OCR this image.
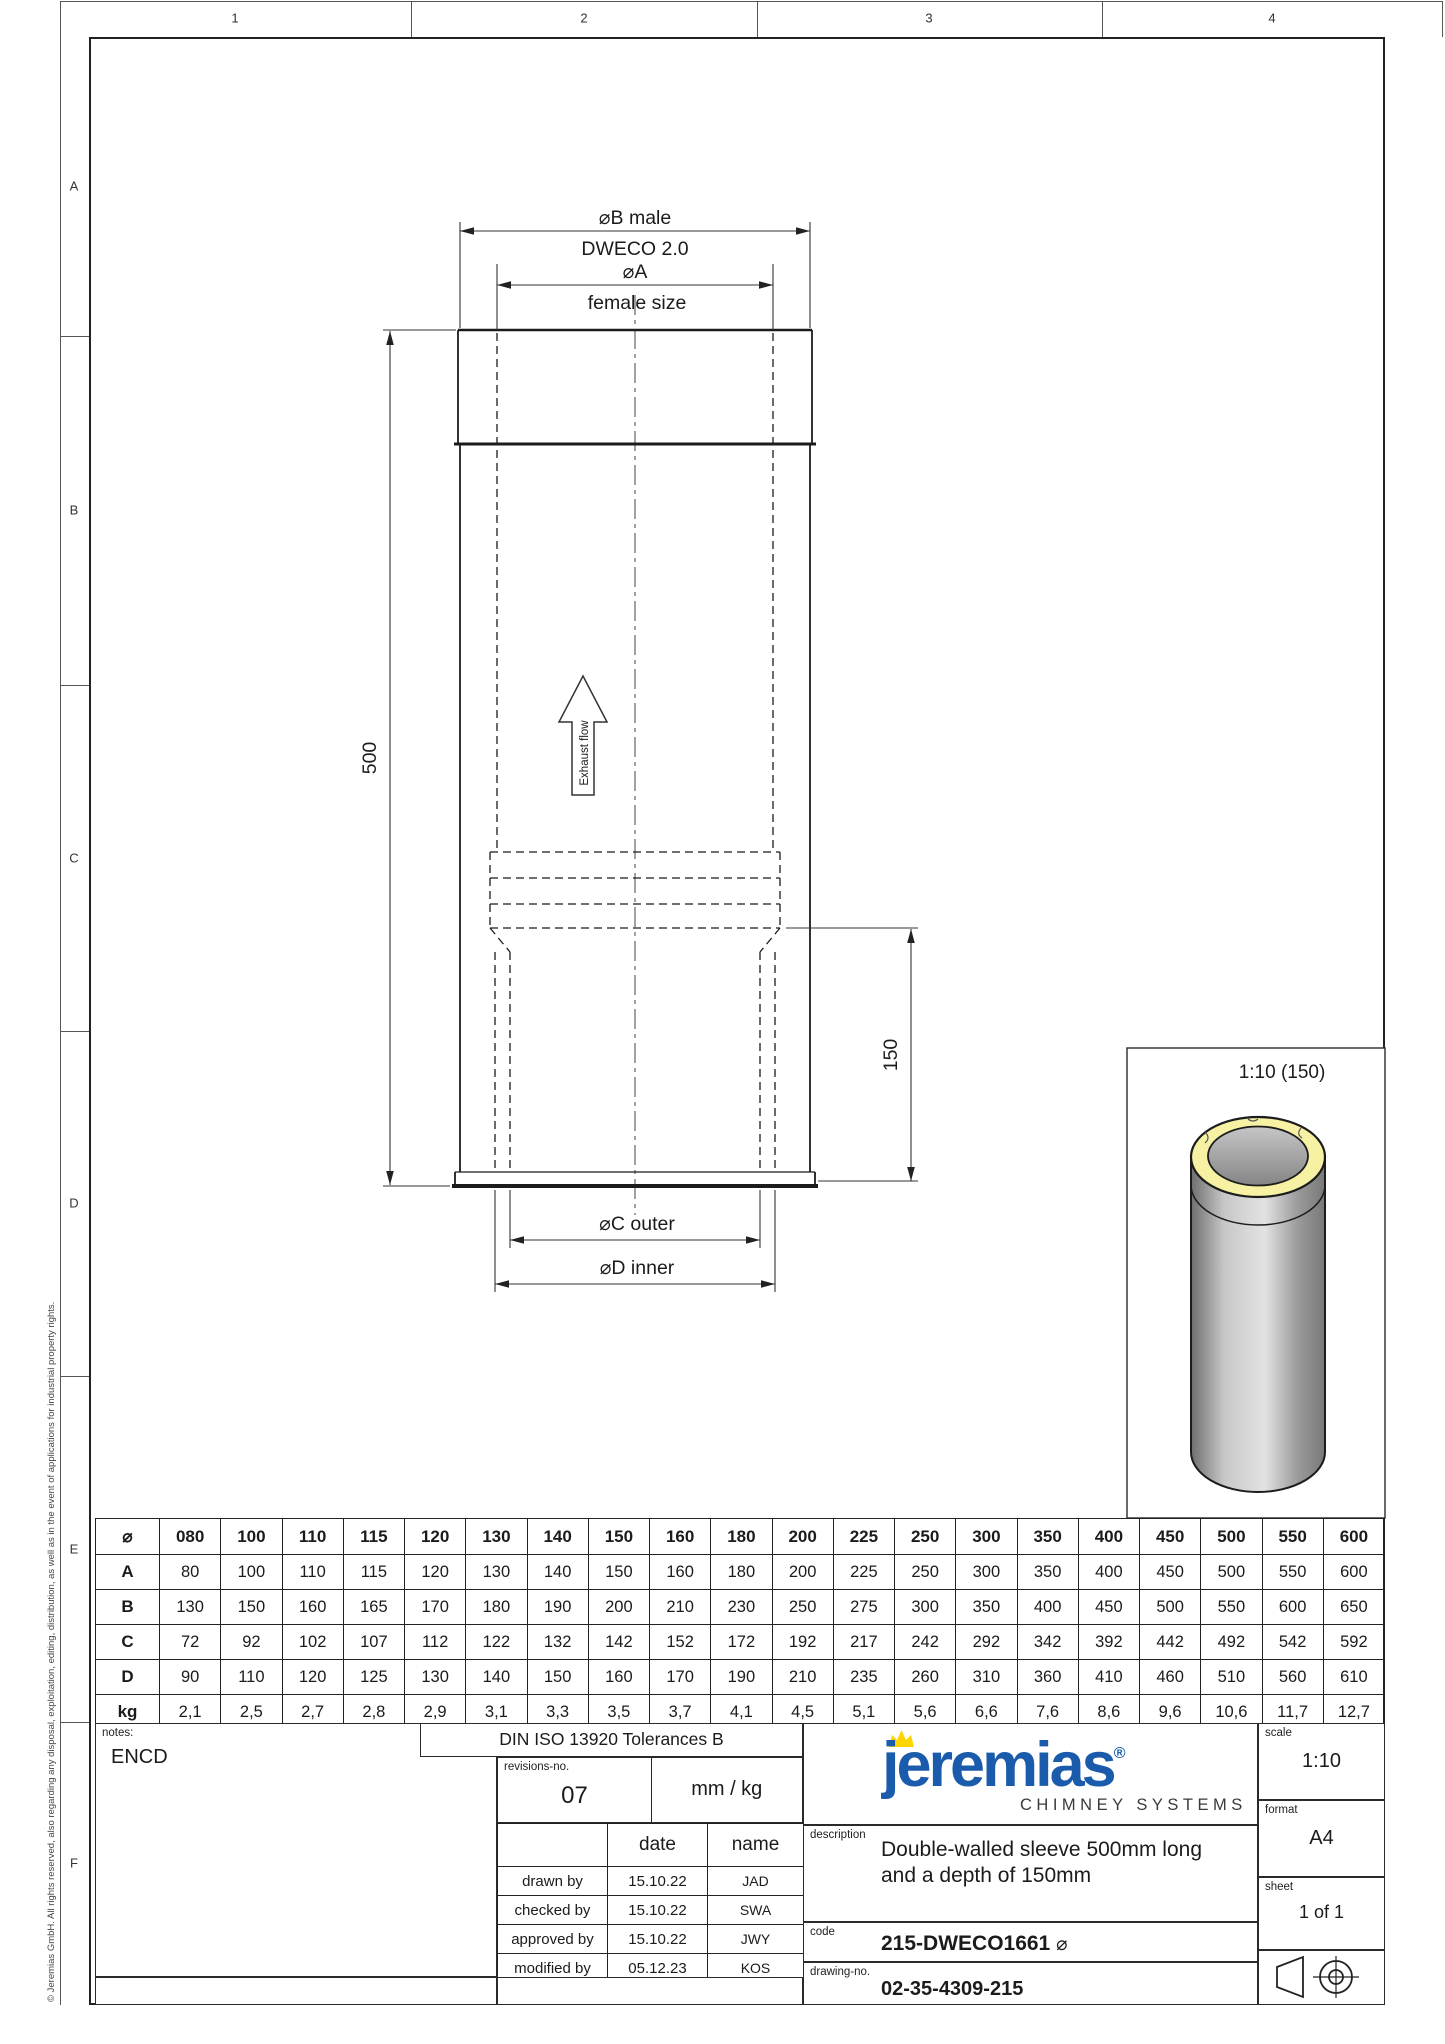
1	2	3	4
A
B
C
D
E
F
© Jeremias GmbH. All rights reserved, also regarding any disposal, exploitation, editing, distribution, as well as in the event of applications for industrial property rights.
Exhaust flow
⌀B male
DWECO 2.0
⌀A
female size
500
150
⌀C outer
⌀D inner
1:10 (150)
⌀	080	100	110	115	120	130	140	150	160	180	200	225	250	300	350	400	450	500	550	600
A	80	100	110	115	120	130	140	150	160	180	200	225	250	300	350	400	450	500	550	600
B	130	150	160	165	170	180	190	200	210	230	250	275	300	350	400	450	500	550	600	650
C	72	92	102	107	112	122	132	142	152	172	192	217	242	292	342	392	442	492	542	592
D	90	110	120	125	130	140	150	160	170	190	210	235	260	310	360	410	460	510	560	610
kg	2,1	2,5	2,7	2,8	2,9	3,1	3,3	3,5	3,7	4,1	4,5	5,1	5,6	6,6	7,6	8,6	9,6	10,6	11,7	12,7
notes:
ENCD
DIN ISO 13920 Tolerances B
revisions-no.
07	mm / kg
	date	name
drawn by	15.10.22	JAD
checked by	15.10.22	SWA
approved by	15.10.22	JWY
modified by	05.12.23	KOS
jeremias®
CHIMNEY SYSTEMS
description
Double-walled sleeve 500mm long
and a depth of 150mm
code 215-DWECO1661 ⌀
drawing-no.
02-35-4309-215
scale
1:10
format
A4
sheet
1 of 1
